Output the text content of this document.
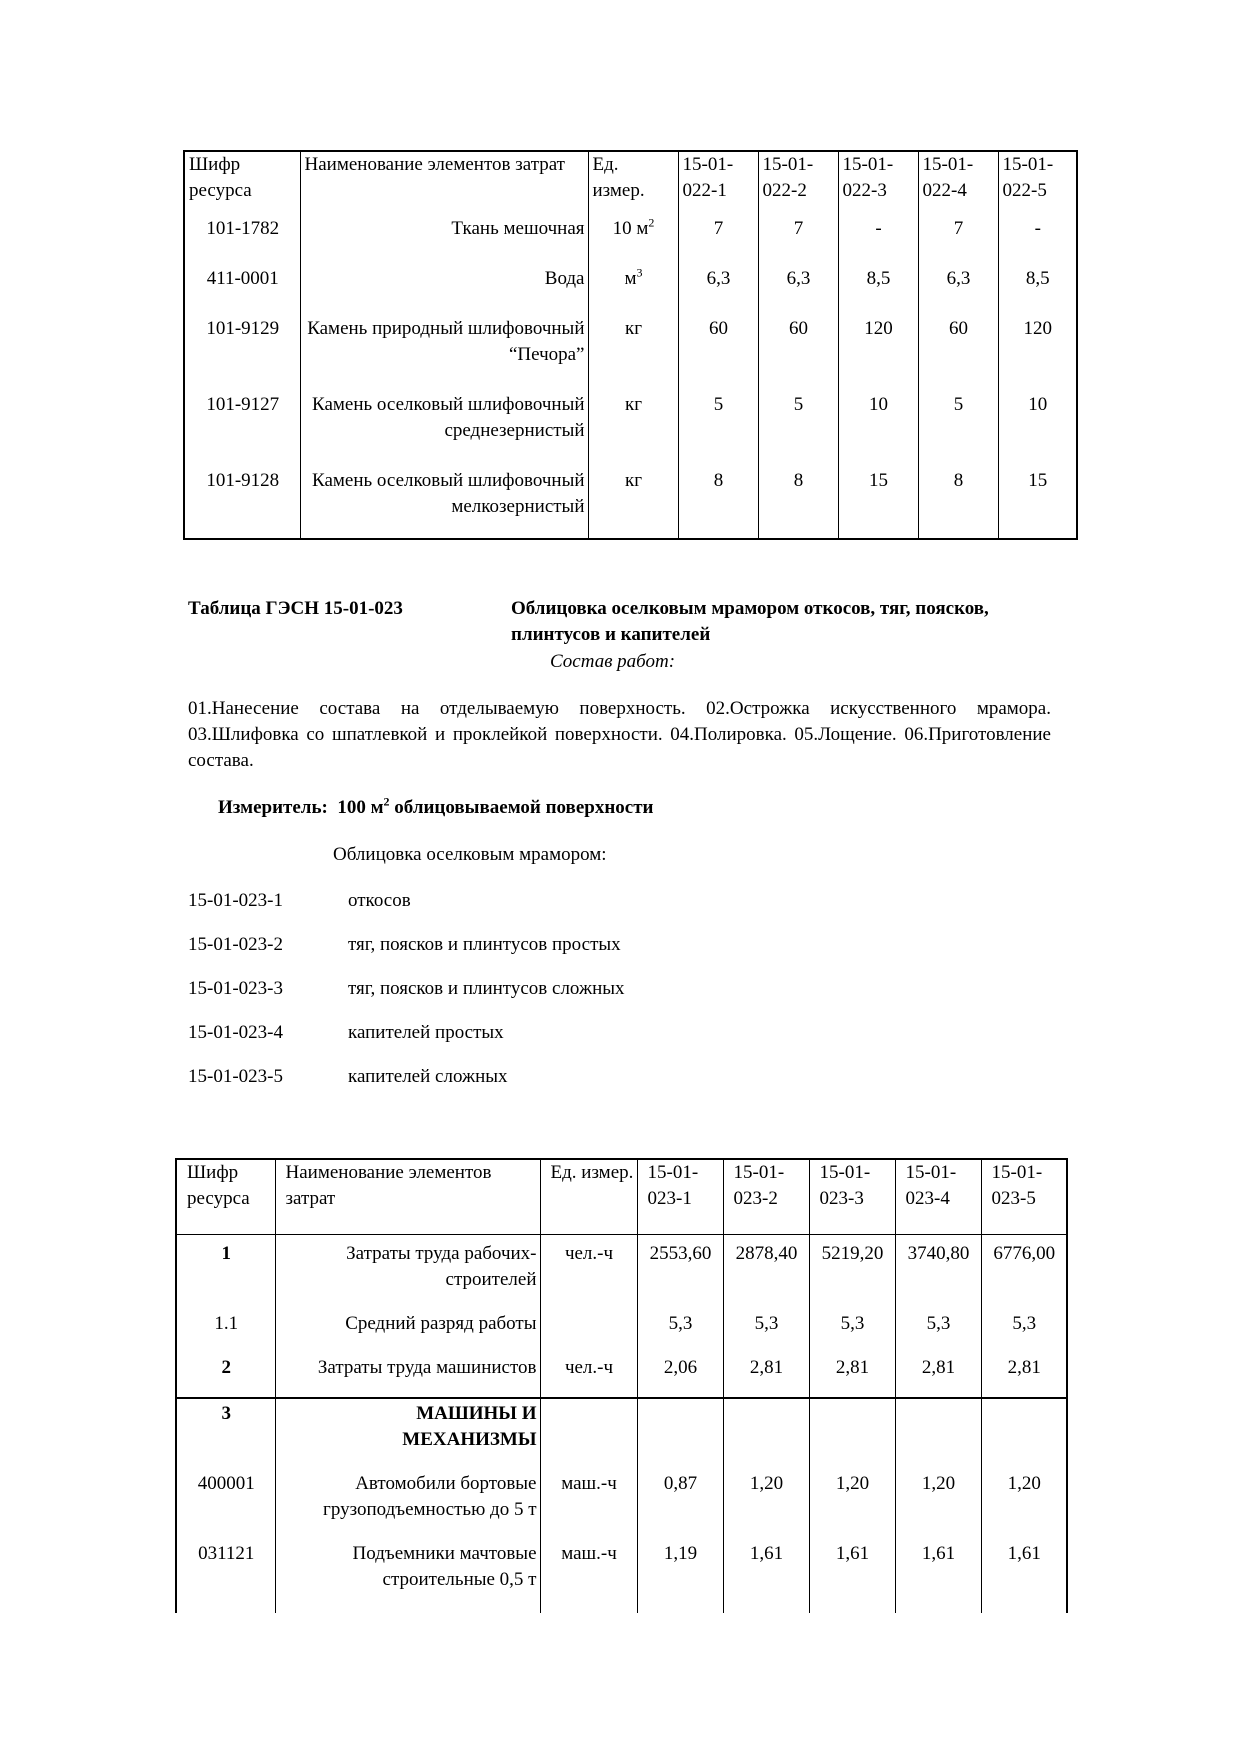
Шифр ресурса	Наименование элементов затрат	Ед. измер.	15-01-022-1	15-01-022-2	15-01-022-3	15-01-022-4	15-01-022-5
101-1782	Ткань мешочная	10 $м^2$	7	7	-	7	-
411-0001	Вода	$м^3$	6,3	6,3	8,5	6,3	8,5
101-9129	Камень природный шлифовочный “Печора”	кг	60	60	120	60	120
101-9127	Камень оселковый шлифовочный среднезернистый	кг	5	5	10	5	10
101-9128	Камень оселковый шлифовочный мелкозернистый	кг	8	8	15	8	15
Таблица ГЭСН 15-01-023	Облицовка оселковым мрамором откосов, тяг, поясков,
плинтусов и капителей
Состав работ:
01.Нанесение состава на отделываемую поверхность. 02.Острожка искусственного мрамора. 03.Шлифовка со шпатлевкой и проклейкой поверхности. 04.Полировка. 05.Лощение. 06.Приготовление состава.
Измеритель: 100 $м^2$ облицовываемой поверхности
Облицовка оселковым мрамором:
15-01-023-1	откосов
15-01-023-2	тяг, поясков и плинтусов простых
15-01-023-3	тяг, поясков и плинтусов сложных
15-01-023-4	капителей простых
15-01-023-5	капителей сложных
Шифр ресурса	Наименование элементов затрат	Ед. измер.	15-01-023-1	15-01-023-2	15-01-023-3	15-01-023-4	15-01-023-5
1	Затраты труда рабочих-строителей	чел.-ч	2553,60	2878,40	5219,20	3740,80	6776,00
1.1	Средний разряд работы		5,3	5,3	5,3	5,3	5,3
2	Затраты труда машинистов	чел.-ч	2,06	2,81	2,81	2,81	2,81
3	МАШИНЫ И МЕХАНИЗМЫ						
400001	Автомобили бортовые грузоподъемностью до 5 т	маш.-ч	0,87	1,20	1,20	1,20	1,20
031121	Подъемники мачтовые строительные 0,5 т	маш.-ч	1,19	1,61	1,61	1,61	1,61
